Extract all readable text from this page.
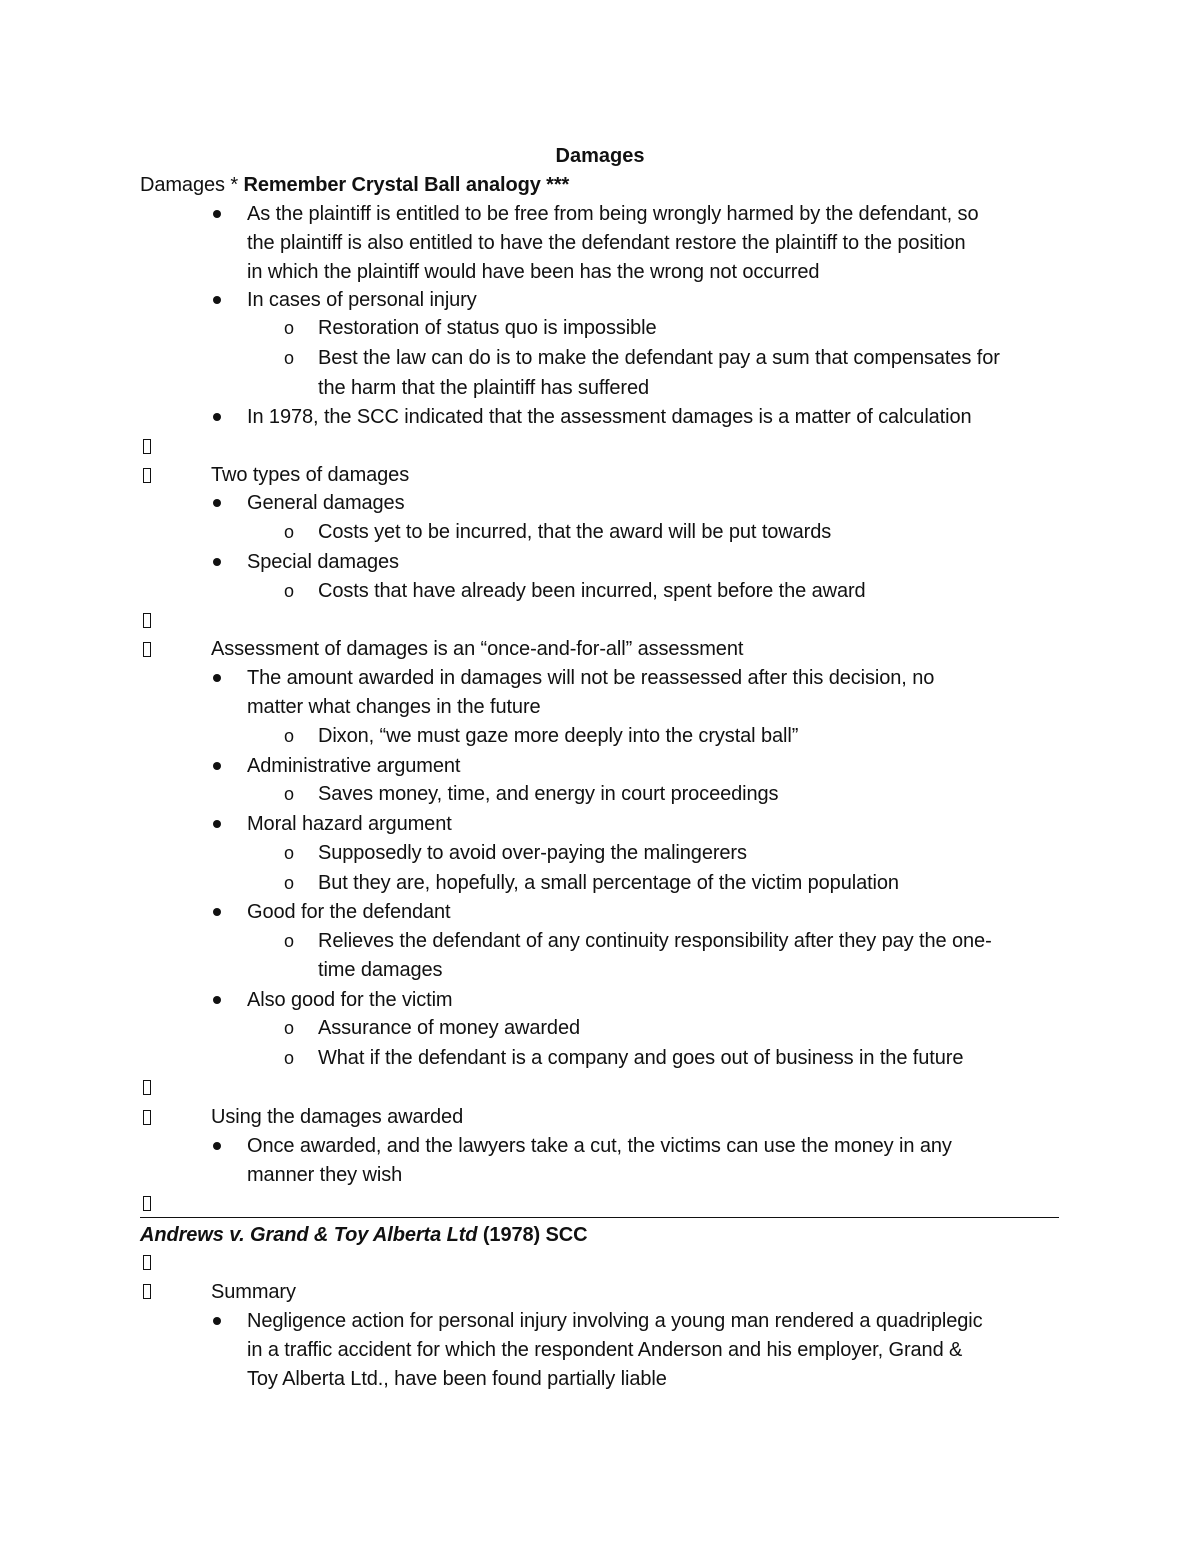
Damages
Damages * Remember Crystal Ball analogy ***
As the plaintiff is entitled to be free from being wrongly harmed by the defendant, so
the plaintiff is also entitled to have the defendant restore the plaintiff to the position
in which the plaintiff would have been has the wrong not occurred
In cases of personal injury
o Restoration of status quo is impossible
o Best the law can do is to make the defendant pay a sum that compensates for
the harm that the plaintiff has suffered
In 1978, the SCC indicated that the assessment damages is a matter of calculation
Two types of damages
General damages
o Costs yet to be incurred, that the award will be put towards
Special damages
o Costs that have already been incurred, spent before the award
Assessment of damages is an “once-and-for-all” assessment
The amount awarded in damages will not be reassessed after this decision, no
matter what changes in the future
o Dixon, “we must gaze more deeply into the crystal ball”
Administrative argument
o Saves money, time, and energy in court proceedings
Moral hazard argument
o Supposedly to avoid over-paying the malingerers
o But they are, hopefully, a small percentage of the victim population
Good for the defendant
o Relieves the defendant of any continuity responsibility after they pay the one-
time damages
Also good for the victim
o Assurance of money awarded
o What if the defendant is a company and goes out of business in the future
Using the damages awarded
Once awarded, and the lawyers take a cut, the victims can use the money in any
manner they wish
Andrews v. Grand & Toy Alberta Ltd (1978) SCC
Summary
Negligence action for personal injury involving a young man rendered a quadriplegic
in a traffic accident for which the respondent Anderson and his employer, Grand &
Toy Alberta Ltd., have been found partially liable
